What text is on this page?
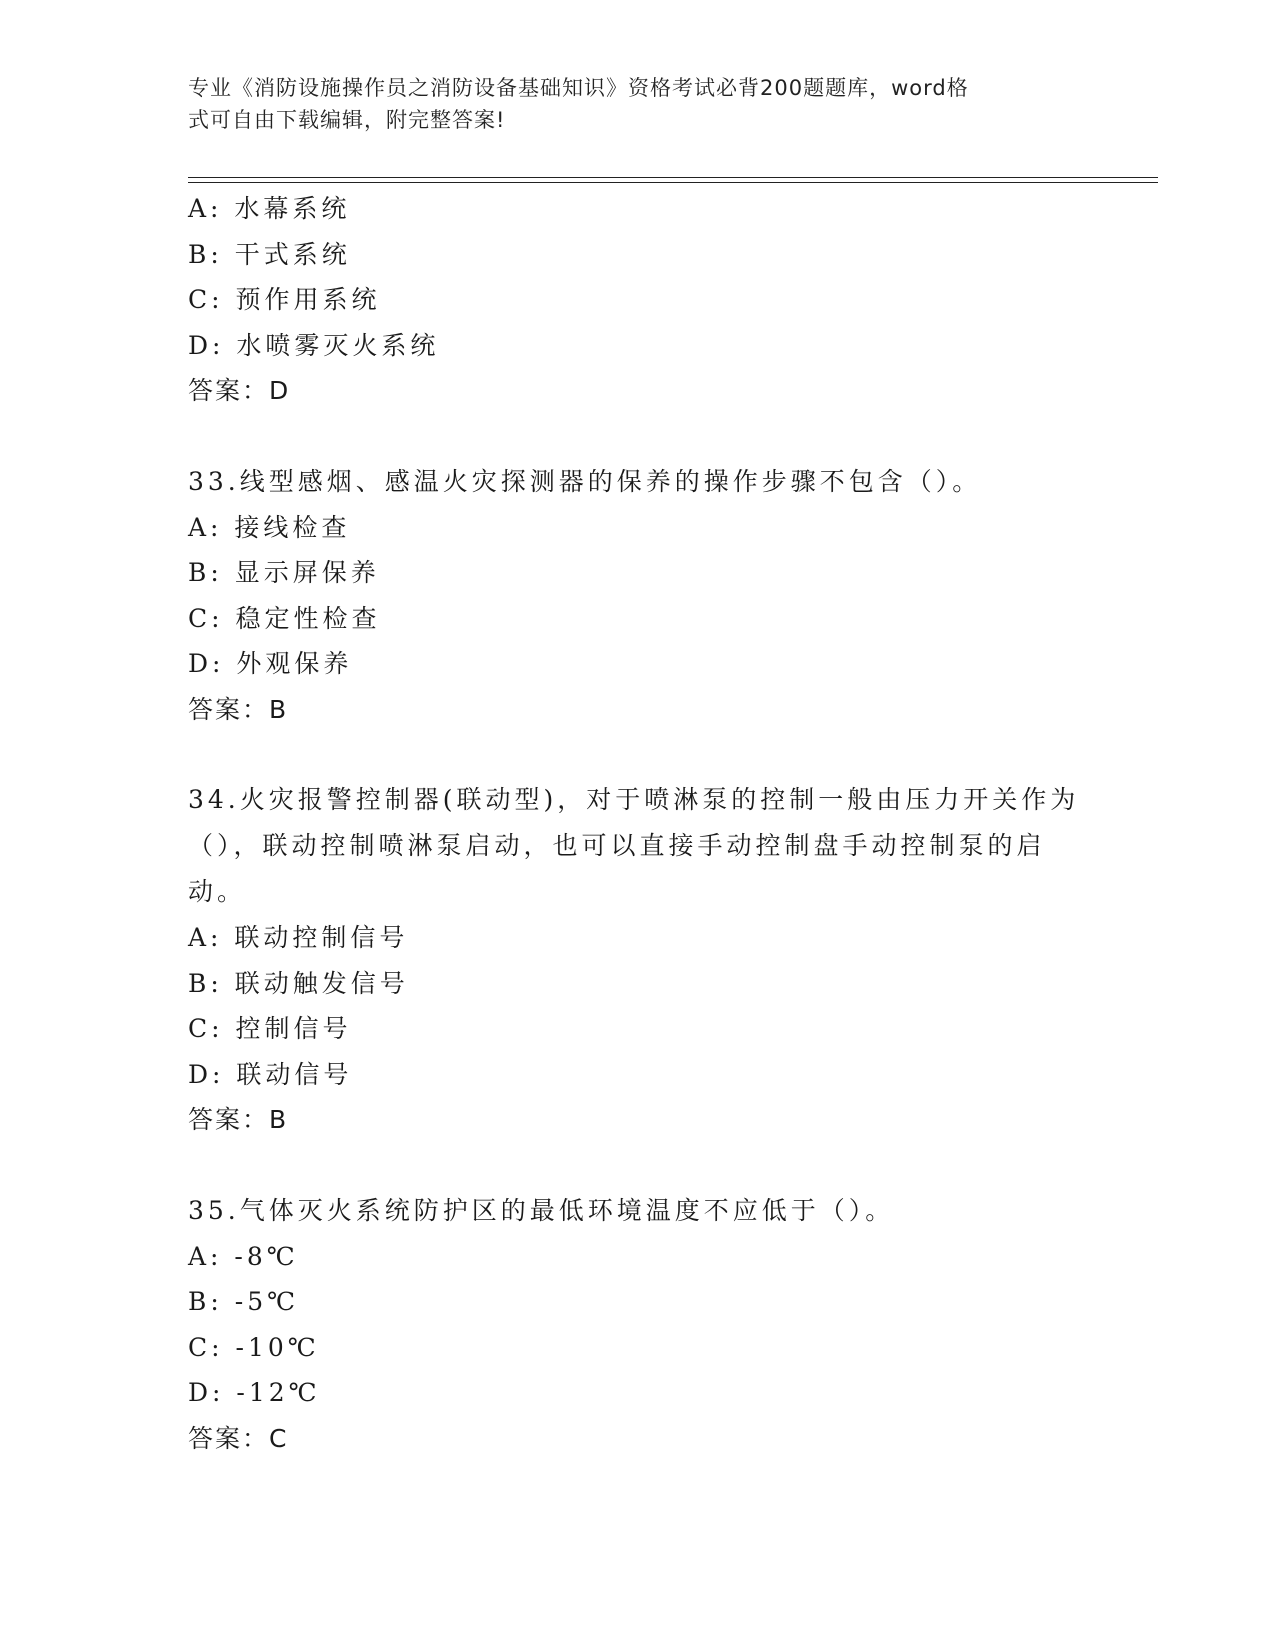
专业《消防设施操作员之消防设备基础知识》资格考试必背200题题库，word格
式可自由下载编辑，附完整答案!
A: 水幕系统
B: 干式系统
C: 预作用系统
D: 水喷雾灭火系统
答案：D
33.线型感烟、感温火灾探测器的保养的操作步骤不包含（）。
A: 接线检查
B: 显示屏保养
C: 稳定性检查
D: 外观保养
答案：B
34.火灾报警控制器(联动型)，对于喷淋泵的控制一般由压力开关作为
（），联动控制喷淋泵启动，也可以直接手动控制盘手动控制泵的启
动。
A: 联动控制信号
B: 联动触发信号
C: 控制信号
D: 联动信号
答案：B
35.气体灭火系统防护区的最低环境温度不应低于（）。
A: -8℃
B: -5℃
C: -10℃
D: -12℃
答案：C
